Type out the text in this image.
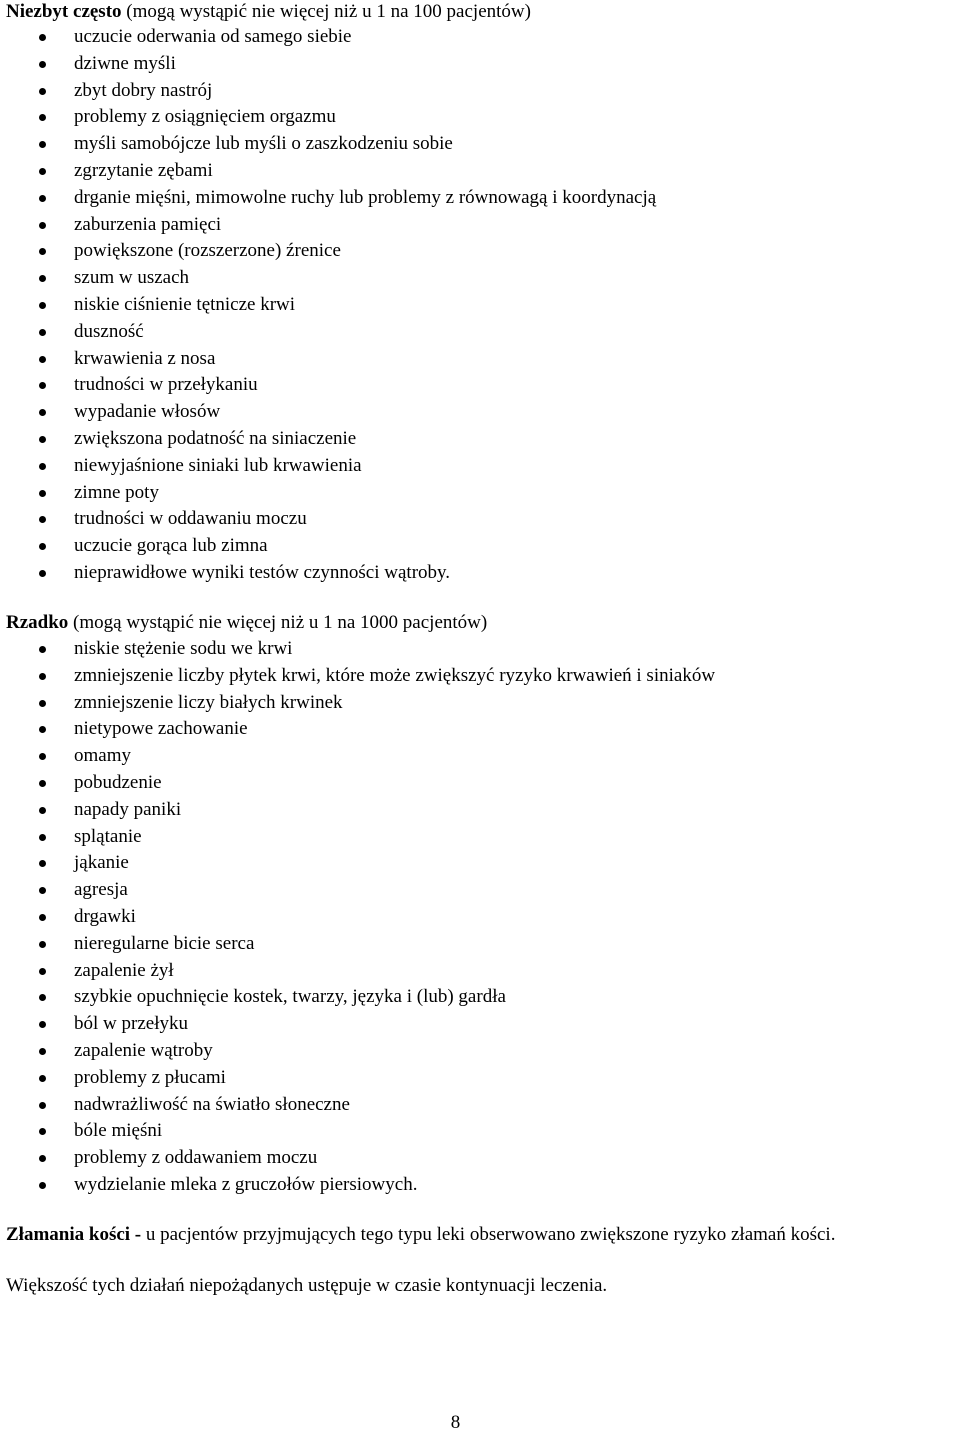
Niezbyt często (mogą wystąpić nie więcej niż u 1 na 100 pacjentów)

uczucie oderwania od samego siebie
dziwne myśli
zbyt dobry nastrój
problemy z osiągnięciem orgazmu
myśli samobójcze lub myśli o zaszkodzeniu sobie
zgrzytanie zębami
drganie mięśni, mimowolne ruchy lub problemy z równowagą i koordynacją
zaburzenia pamięci
powiększone (rozszerzone) źrenice
szum w uszach
niskie ciśnienie tętnicze krwi
duszność
krwawienia z nosa
trudności w przełykaniu
wypadanie włosów
zwiększona podatność na siniaczenie
niewyjaśnione siniaki lub krwawienia
zimne poty
trudności w oddawaniu moczu
uczucie gorąca lub zimna
nieprawidłowe wyniki testów czynności wątroby.

Rzadko (mogą wystąpić nie więcej niż u 1 na 1000 pacjentów)

niskie stężenie sodu we krwi
zmniejszenie liczby płytek krwi, które może zwiększyć ryzyko krwawień i siniaków
zmniejszenie liczy białych krwinek
nietypowe zachowanie
omamy
pobudzenie
napady paniki
splątanie
jąkanie
agresja
drgawki
nieregularne bicie serca
zapalenie żył
szybkie opuchnięcie kostek, twarzy, języka i (lub) gardła
ból w przełyku
zapalenie wątroby
problemy z płucami
nadwrażliwość na światło słoneczne
bóle mięśni
problemy z oddawaniem moczu
wydzielanie mleka z gruczołów piersiowych.

Złamania kości - u pacjentów przyjmujących tego typu leki obserwowano zwiększone ryzyko złamań kości.

Większość tych działań niepożądanych ustępuje w czasie kontynuacji leczenia.

8
